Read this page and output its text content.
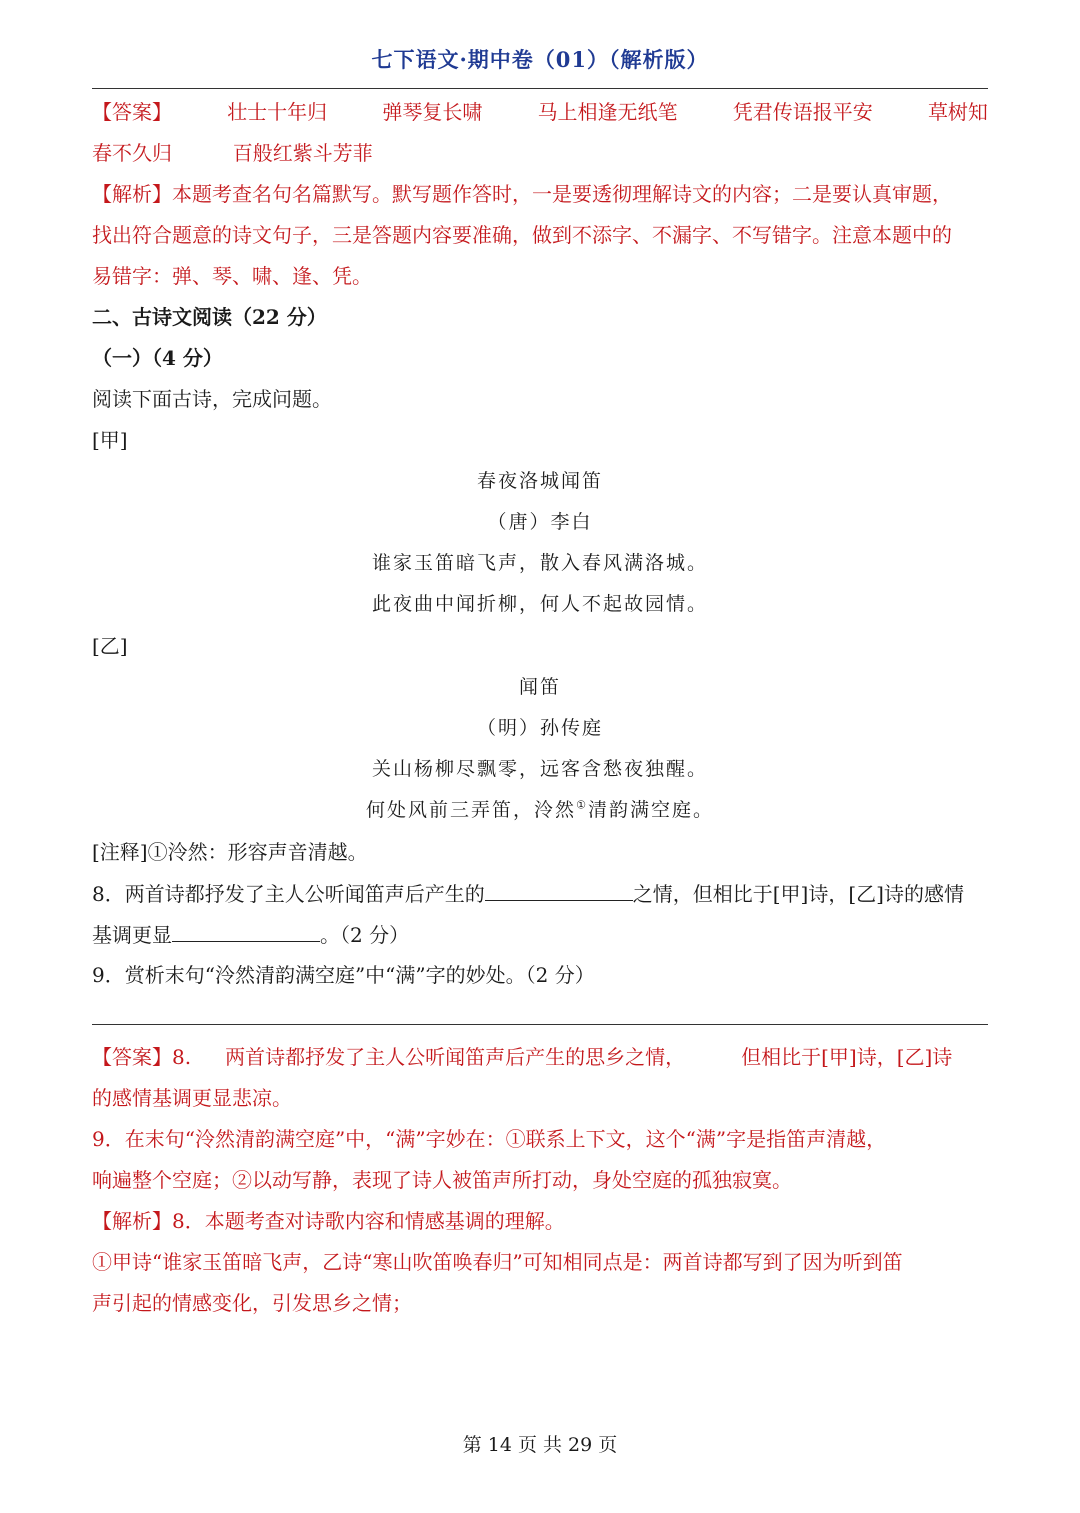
七下语文·期中卷（01）（解析版）
【答案】	壮士十年归	弹琴复长啸	马上相逢无纸笔	凭君传语报平安	草树知
春不久归	百般红紫斗芳菲
【解析】本题考查名句名篇默写。默写题作答时，一是要透彻理解诗文的内容；二是要认真审题，
找出符合题意的诗文句子，三是答题内容要准确，做到不添字、不漏字、不写错字。注意本题中的
易错字：弹、琴、啸、逢、凭。
二、古诗文阅读（22 分）
（一）（4 分）
阅读下面古诗，完成问题。
[甲]
春夜洛城闻笛
（唐）李白
谁家玉笛暗飞声，散入春风满洛城。
此夜曲中闻折柳，何人不起故园情。
[乙]
闻笛
（明）孙传庭
关山杨柳尽飘零，远客含愁夜独醒。
何处风前三弄笛，泠然①清韵满空庭。
[注释]①泠然：形容声音清越。
8．两首诗都抒发了主人公听闻笛声后产生的	之情，但相比于[甲]诗，[乙]诗的感情
基调更显	。（2 分）
9．赏析末句“泠然清韵满空庭”中“满”字的妙处。（2 分）
【答案】8. 两首诗都抒发了主人公听闻笛声后产生的思乡之情，	但相比于[甲]诗，[乙]诗
的感情基调更显悲凉。
9．在末句“泠然清韵满空庭”中，“满”字妙在：①联系上下文，这个“满”字是指笛声清越，
响遍整个空庭；②以动写静，表现了诗人被笛声所打动，身处空庭的孤独寂寞。
【解析】8．本题考查对诗歌内容和情感基调的理解。
①甲诗“谁家玉笛暗飞声，乙诗“寒山吹笛唤春归”可知相同点是：两首诗都写到了因为听到笛
声引起的情感变化，引发思乡之情；
第 14 页 共 29 页
